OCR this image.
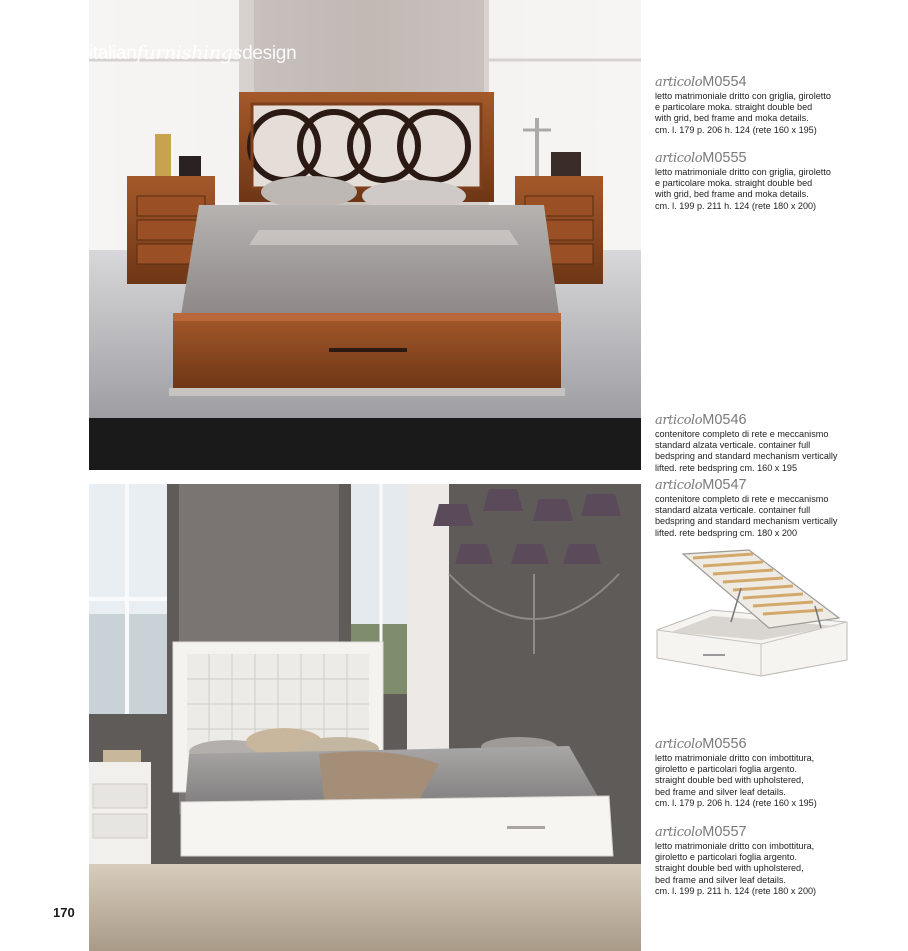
italianfurnishingsdesign
articoloM0554
letto matrimoniale dritto con griglia, giroletto
e particolare moka. straight double bed
with grid, bed frame and moka details.
cm. l. 179 p. 206 h. 124 (rete 160 x 195)
articoloM0555
letto matrimoniale dritto con griglia, giroletto
e particolare moka. straight double bed
with grid, bed frame and moka details.
cm. l. 199 p. 211 h. 124 (rete 180 x 200)
articoloM0546
contenitore completo di rete e meccanismo
standard alzata verticale. container full
bedspring and standard mechanism vertically
lifted. rete bedspring cm. 160 x 195
articoloM0547
contenitore completo di rete e meccanismo
standard alzata verticale. container full
bedspring and standard mechanism vertically
lifted. rete bedspring cm. 180 x 200
articoloM0556
letto matrimoniale dritto con imbottitura,
giroletto e particolari foglia argento.
straight double bed with upholstered,
bed frame and silver leaf details.
cm. l. 179 p. 206 h. 124 (rete 160 x 195)
articoloM0557
letto matrimoniale dritto con imbottitura,
giroletto e particolari foglia argento.
straight double bed with upholstered,
bed frame and silver leaf details.
cm. l. 199 p. 211 h. 124 (rete 180 x 200)
170
